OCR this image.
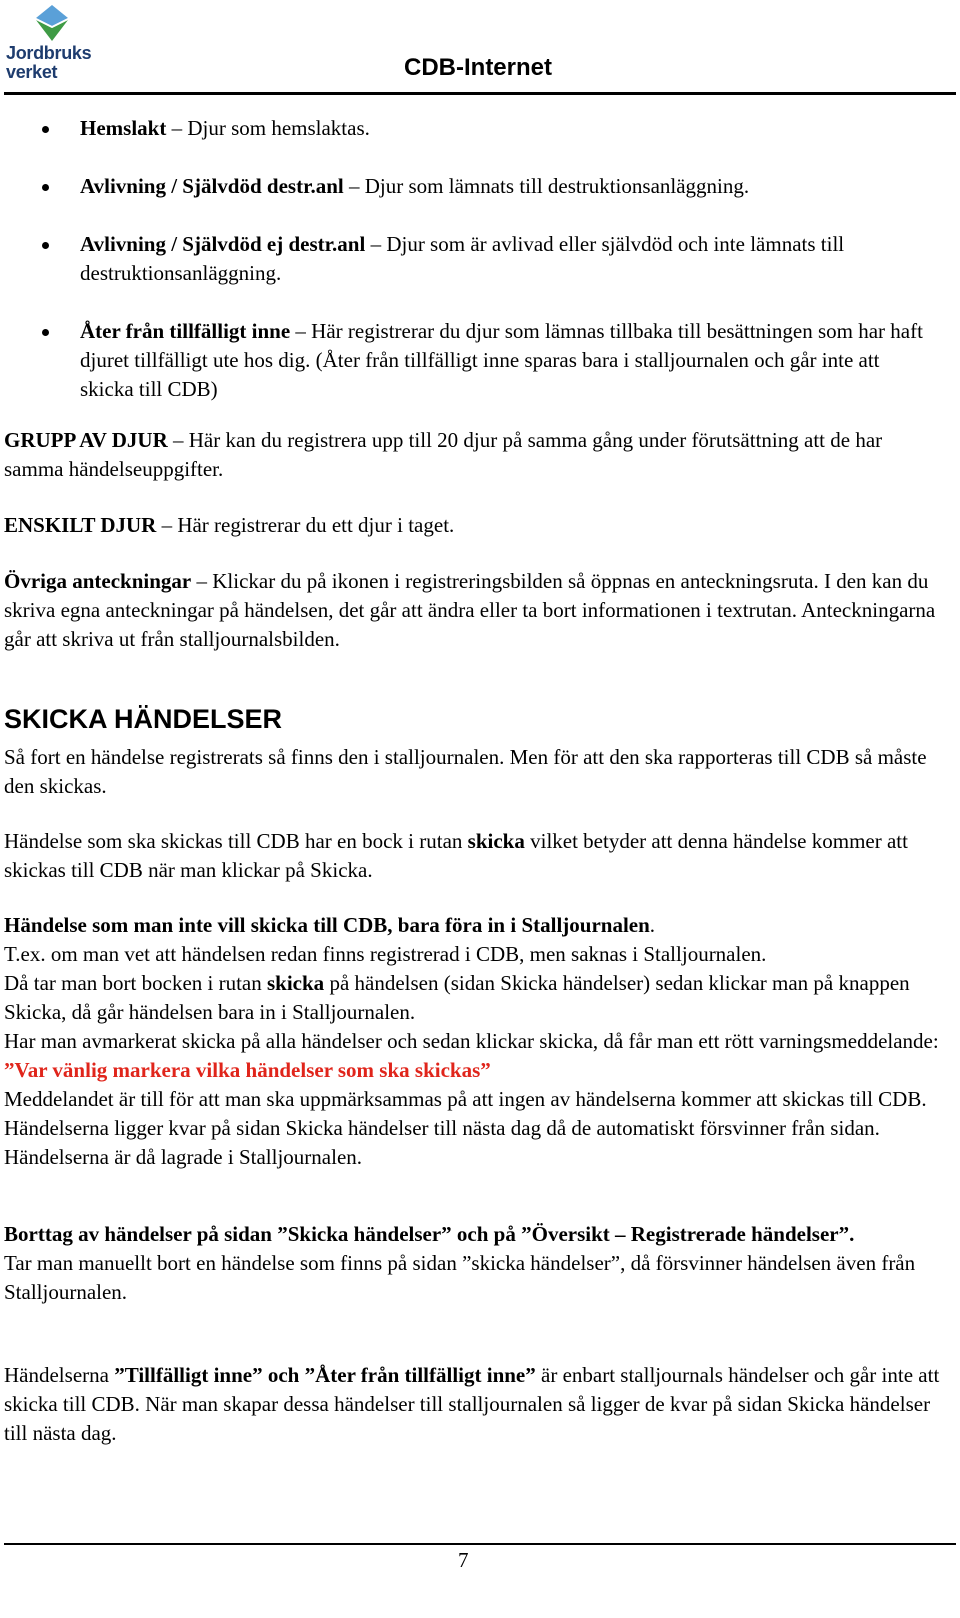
Jordbruks
verket	CDB-Internet
Hemslakt – Djur som hemslaktas.
Avlivning / Självdöd destr.anl – Djur som lämnats till destruktionsanläggning.
Avlivning / Självdöd ej destr.anl – Djur som är avlivad eller självdöd och inte lämnats till destruktionsanläggning.
Åter från tillfälligt inne – Här registrerar du djur som lämnas tillbaka till besättningen som har haft djuret tillfälligt ute hos dig. (Åter från tillfälligt inne sparas bara i stalljournalen och går inte att skicka till CDB)

GRUPP AV DJUR – Här kan du registrera upp till 20 djur på samma gång under förutsättning att de har samma händelseuppgifter.

ENSKILT DJUR – Här registrerar du ett djur i taget.

Övriga anteckningar – Klickar du på ikonen i registreringsbilden så öppnas en anteckningsruta. I den kan du skriva egna anteckningar på händelsen, det går att ändra eller ta bort informationen i textrutan. Anteckningarna går att skriva ut från stalljournalsbilden.

SKICKA HÄNDELSER

Så fort en händelse registrerats så finns den i stalljournalen. Men för att den ska rapporteras till CDB så måste den skickas.

Händelse som ska skickas till CDB har en bock i rutan skicka vilket betyder att denna händelse kommer att skickas till CDB när man klickar på Skicka.

Händelse som man inte vill skicka till CDB, bara föra in i Stalljournalen.
T.ex. om man vet att händelsen redan finns registrerad i CDB, men saknas i Stalljournalen.
Då tar man bort bocken i rutan skicka på händelsen (sidan Skicka händelser) sedan klickar man på knappen Skicka, då går händelsen bara in i Stalljournalen.
Har man avmarkerat skicka på alla händelser och sedan klickar skicka, då får man ett rött varningsmeddelande: ”Var vänlig markera vilka händelser som ska skickas”
Meddelandet är till för att man ska uppmärksammas på att ingen av händelserna kommer att skickas till CDB.
Händelserna ligger kvar på sidan Skicka händelser till nästa dag då de automatiskt försvinner från sidan. Händelserna är då lagrade i Stalljournalen.
Borttag av händelser på sidan ”Skicka händelser” och på ”Översikt – Registrerade händelser”.
Tar man manuellt bort en händelse som finns på sidan ”skicka händelser”, då försvinner händelsen även från Stalljournalen.

Händelserna ”Tillfälligt inne” och ”Åter från tillfälligt inne” är enbart stalljournals händelser och går inte att skicka till CDB. När man skapar dessa händelser till stalljournalen så ligger de kvar på sidan Skicka händelser till nästa dag.

7
